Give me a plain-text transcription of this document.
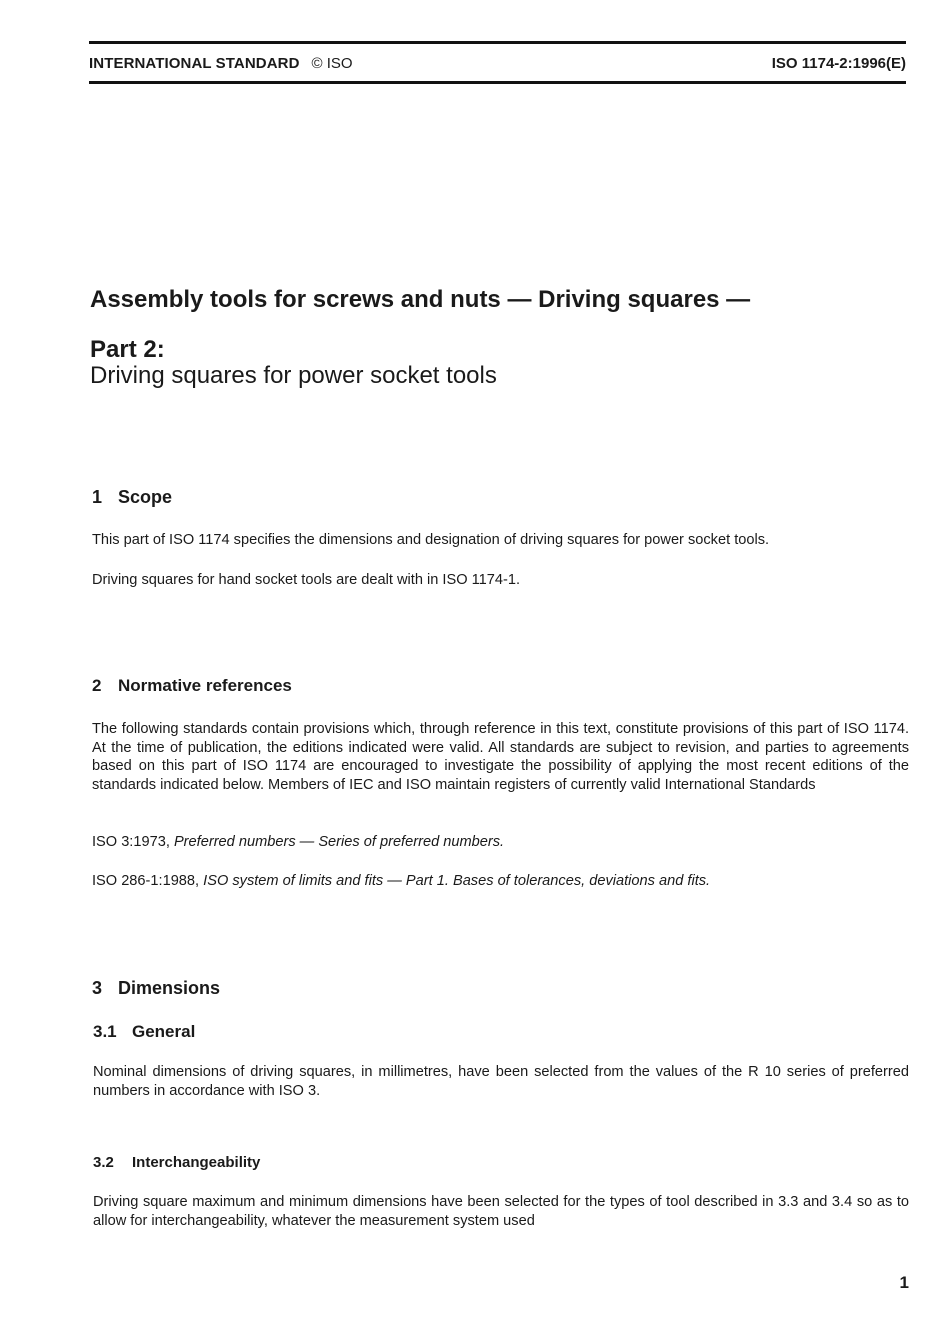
INTERNATIONAL STANDARD © ISO	ISO 1174-2:1996(E)
Assembly tools for screws and nuts — Driving squares —
Part 2:
Driving squares for power socket tools
1 Scope
This part of ISO 1174 specifies the dimensions and designation of driving squares for power socket tools.
Driving squares for hand socket tools are dealt with in ISO 1174-1.
2 Normative references
The following standards contain provisions which, through reference in this text, constitute provisions of this part of ISO 1174. At the time of publication, the editions indicated were valid. All standards are subject to revision, and parties to agreements based on this part of ISO 1174 are encouraged to investigate the possibility of applying the most recent editions of the standards indicated below. Members of IEC and ISO maintain registers of currently valid International Standards
ISO 3:1973, Preferred numbers — Series of preferred numbers.
ISO 286-1:1988, ISO system of limits and fits — Part 1. Bases of tolerances, deviations and fits.
3 Dimensions
3.1 General
Nominal dimensions of driving squares, in millimetres, have been selected from the values of the R 10 series of preferred numbers in accordance with ISO 3.
3.2 Interchangeability
Driving square maximum and minimum dimensions have been selected for the types of tool described in 3.3 and 3.4 so as to allow for interchangeability, whatever the measurement system used
1
